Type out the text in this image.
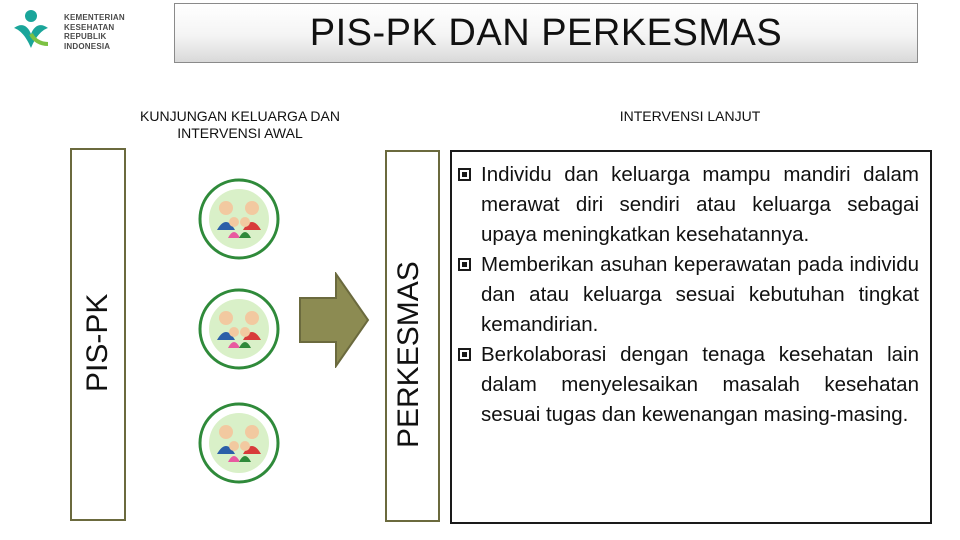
KEMENTERIAN
KESEHATAN
REPUBLIK
INDONESIA	PIS-PK DAN PERKESMAS
KUNJUNGAN KELUARGA DAN INTERVENSI AWAL
INTERVENSI LANJUT
PIS-PK	PERKESMAS
Individu dan keluarga mampu mandiri dalam merawat diri sendiri atau keluarga sebagai upaya meningkatkan kesehatannya.
Memberikan asuhan keperawatan pada individu dan atau keluarga sesuai kebutuhan tingkat kemandirian.
Berkolaborasi dengan tenaga kesehatan lain dalam menyelesaikan masalah kesehatan sesuai tugas dan kewenangan masing-masing.
